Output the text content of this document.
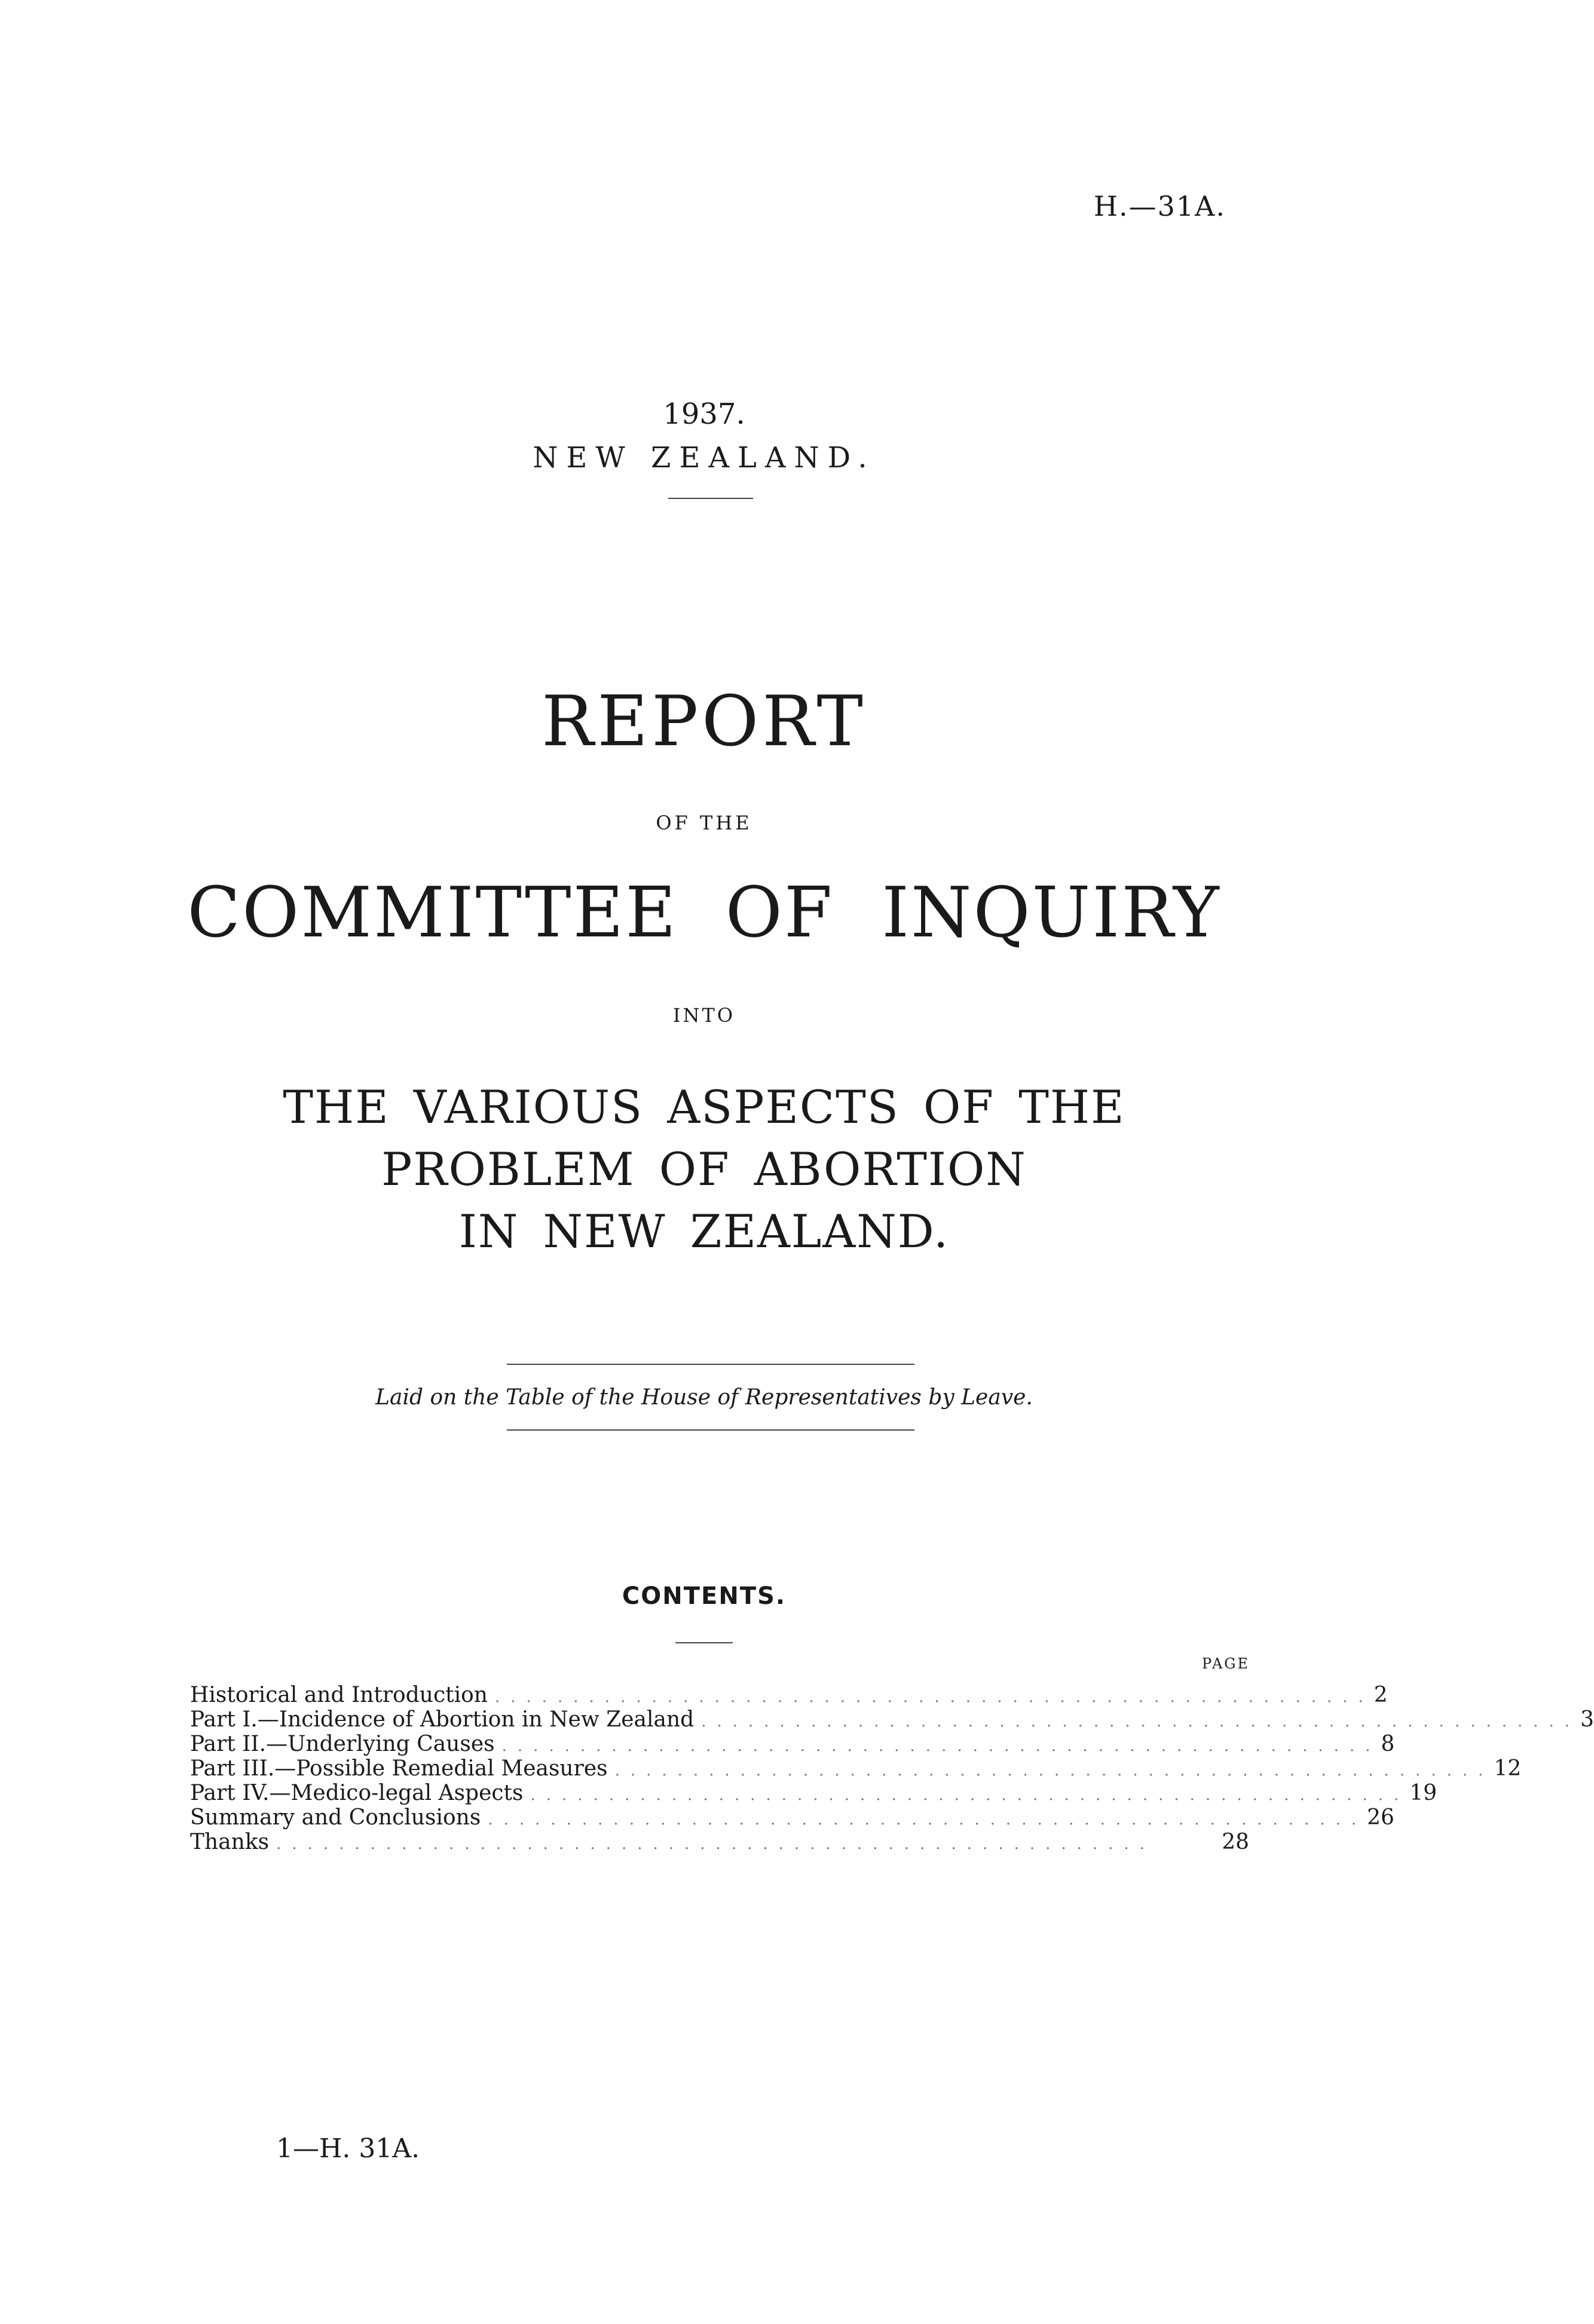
H.—31A.
1937.
NEW ZEALAND.
REPORT
OF THE
COMMITTEE OF INQUIRY
INTO
THE VARIOUS ASPECTS OF THE
PROBLEM OF ABORTION
IN NEW ZEALAND.
Laid on the Table of the House of Representatives by Leave.
CONTENTS.
PAGE
Historical and Introduction ........................................................ 2
Part I.—Incidence of Abortion in New Zealand ........................................................ 3
Part II.—Underlying Causes ........................................................ 8
Part III.—Possible Remedial Measures ........................................................ 12
Part IV.—Medico-legal Aspects ........................................................ 19
Summary and Conclusions ........................................................ 26
Thanks ........................................................	28
1—H. 31A.
